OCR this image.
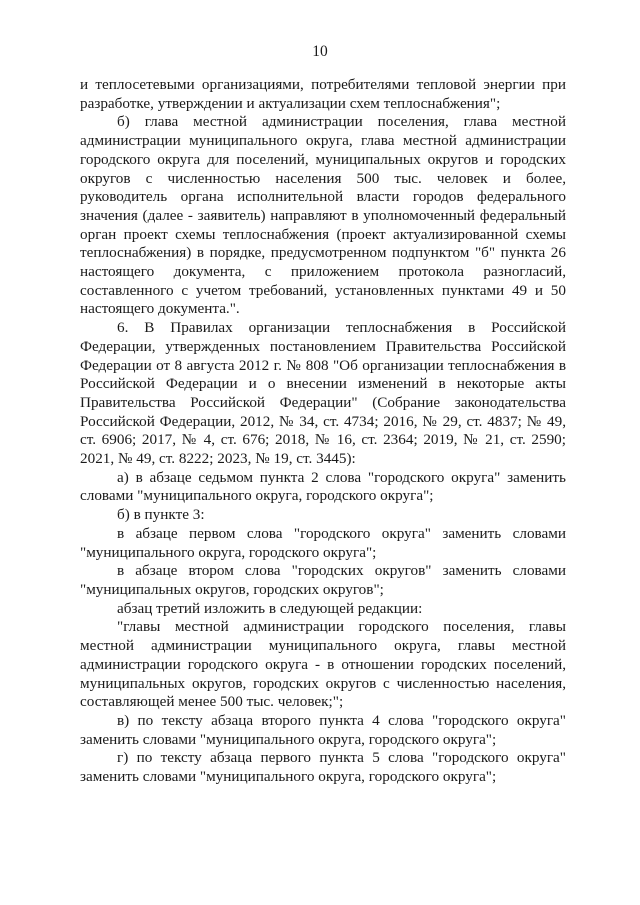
10

и теплосетевыми организациями, потребителями тепловой энергии при разработке, утверждении и актуализации схем теплоснабжения";

б) глава местной администрации поселения, глава местной администрации муниципального округа, глава местной администрации городского округа для поселений, муниципальных округов и городских округов с численностью населения 500 тыс. человек и более, руководитель органа исполнительной власти городов федерального значения (далее - заявитель) направляют в уполномоченный федеральный орган проект схемы теплоснабжения (проект актуализированной схемы теплоснабжения) в порядке, предусмотренном подпунктом "б" пункта 26 настоящего документа, с приложением протокола разногласий, составленного с учетом требований, установленных пунктами 49 и 50 настоящего документа.".

6. В Правилах организации теплоснабжения в Российской Федерации, утвержденных постановлением Правительства Российской Федерации от 8 августа 2012 г. № 808 "Об организации теплоснабжения в Российской Федерации и о внесении изменений в некоторые акты Правительства Российской Федерации" (Собрание законодательства Российской Федерации, 2012, № 34, ст. 4734; 2016, № 29, ст. 4837; № 49, ст. 6906; 2017, № 4, ст. 676; 2018, № 16, ст. 2364; 2019, № 21, ст. 2590; 2021, № 49, ст. 8222; 2023, № 19, ст. 3445):

а) в абзаце седьмом пункта 2 слова "городского округа" заменить словами "муниципального округа, городского округа";

б) в пункте 3:

в абзаце первом слова "городского округа" заменить словами "муниципального округа, городского округа";

в абзаце втором слова "городских округов" заменить словами "муниципальных округов, городских округов";

абзац третий изложить в следующей редакции:

"главы местной администрации городского поселения, главы местной администрации муниципального округа, главы местной администрации городского округа - в отношении городских поселений, муниципальных округов, городских округов с численностью населения, составляющей менее 500 тыс. человек;";

в) по тексту абзаца второго пункта 4 слова "городского округа" заменить словами "муниципального округа, городского округа";

г) по тексту абзаца первого пункта 5 слова "городского округа" заменить словами "муниципального округа, городского округа";
